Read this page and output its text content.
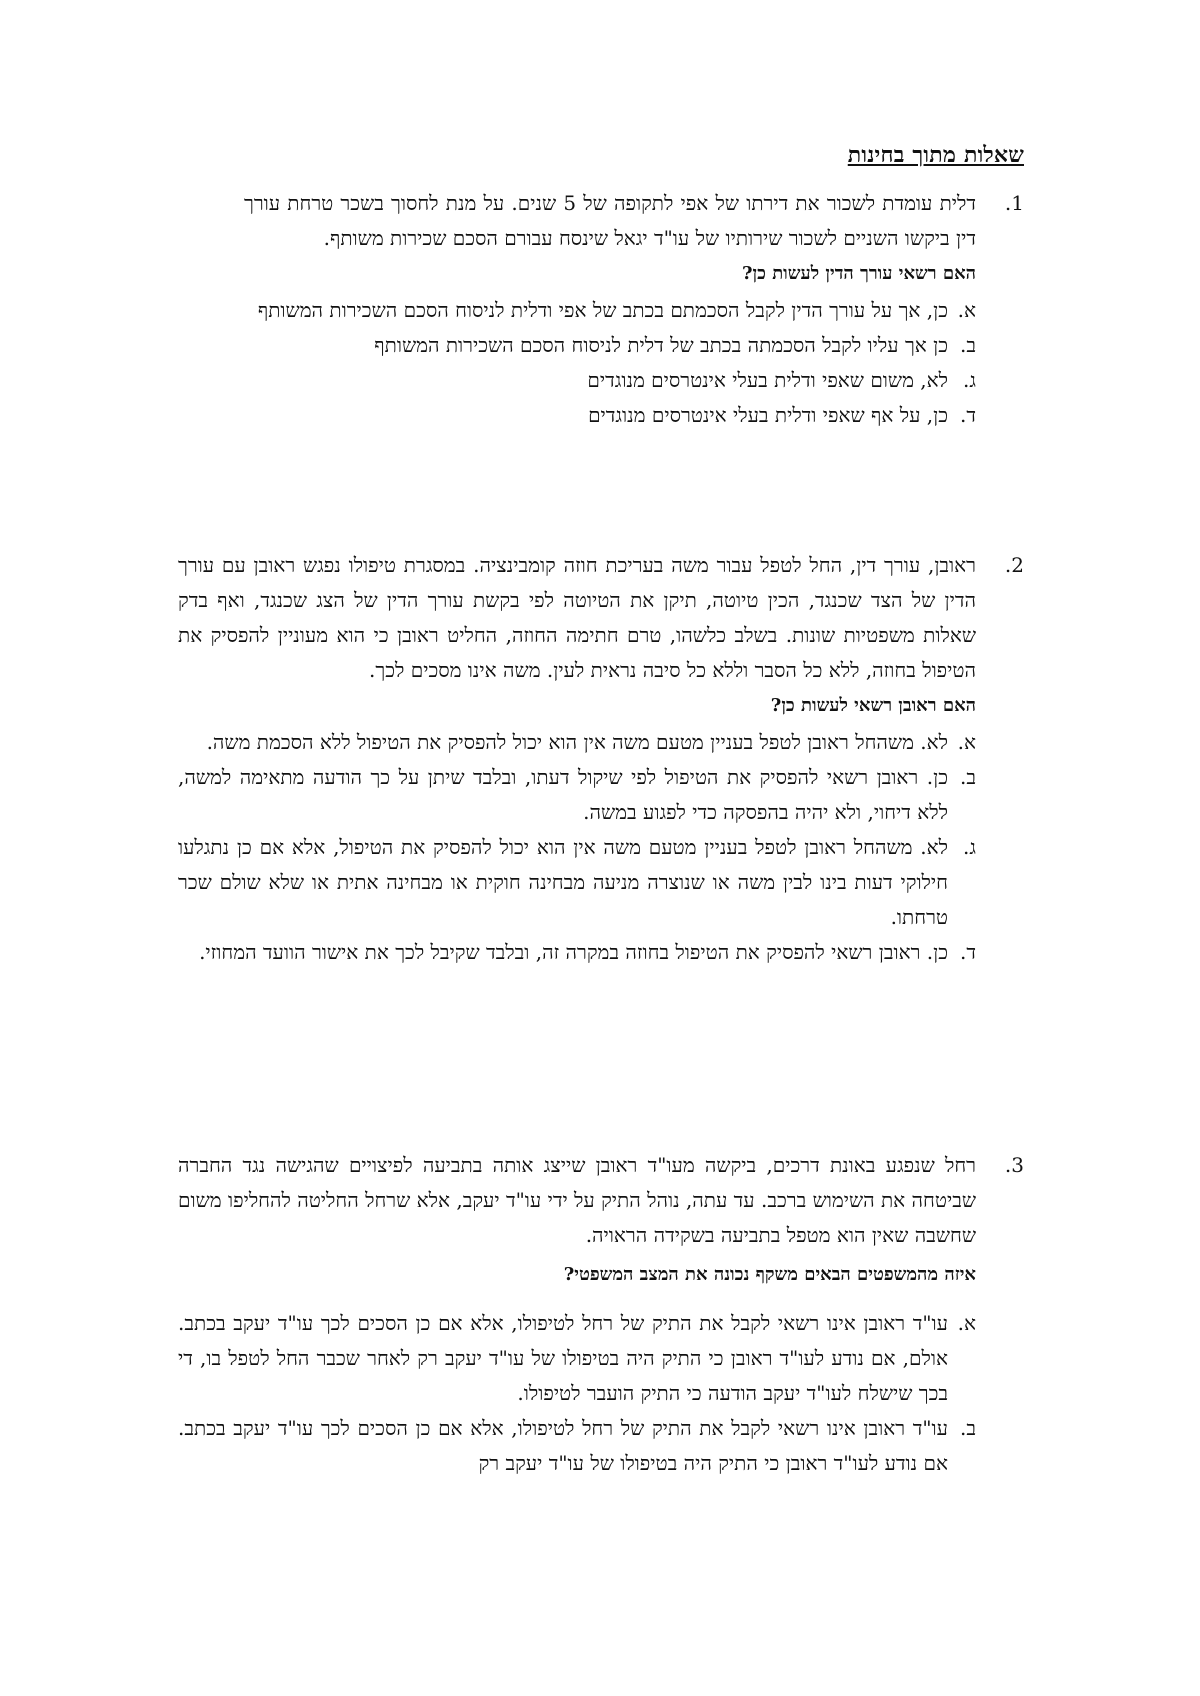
שאלות מתוך בחינות
1.
דלית עומדת לשכור את דירתו של אפי לתקופה של 5 שנים. על מנת לחסוך בשכר טרחת עורך דין ביקשו השניים לשכור שירותיו של עו"ד יגאל שינסח עבורם הסכם שכירות משותף.
האם רשאי עורך הדין לעשות כן?
א.
כן, אך על עורך הדין לקבל הסכמתם בכתב של אפי ודלית לניסוח הסכם השכירות המשותף
ב.
כן אך עליו לקבל הסכמתה בכתב של דלית לניסוח הסכם השכירות המשותף
ג.
לא, משום שאפי ודלית בעלי אינטרסים מנוגדים
ד.
כן, על אף שאפי ודלית בעלי אינטרסים מנוגדים
2.
ראובן, עורך דין, החל לטפל עבור משה בעריכת חוזה קומבינציה. במסגרת טיפולו נפגש ראובן עם עורך הדין של הצד שכנגד, הכין טיוטה, תיקן את הטיוטה לפי בקשת עורך הדין של הצג שכנגד, ואף בדק שאלות משפטיות שונות. בשלב כלשהו, טרם חתימה החוזה, החליט ראובן כי הוא מעוניין להפסיק את הטיפול בחוזה, ללא כל הסבר וללא כל סיבה נראית לעין. משה אינו מסכים לכך.
האם ראובן רשאי לעשות כן?
א.
לא. משהחל ראובן לטפל בעניין מטעם משה אין הוא יכול להפסיק את הטיפול ללא הסכמת משה.
ב.
כן. ראובן רשאי להפסיק את הטיפול לפי שיקול דעתו, ובלבד שיתן על כך הודעה מתאימה למשה, ללא דיחוי, ולא יהיה בהפסקה כדי לפגוע במשה.
ג.
לא. משהחל ראובן לטפל בעניין מטעם משה אין הוא יכול להפסיק את הטיפול, אלא אם כן נתגלעו חילוקי דעות בינו לבין משה או שנוצרה מניעה מבחינה חוקית או מבחינה אתית או שלא שולם שכר טרחתו.
ד.
כן. ראובן רשאי להפסיק את הטיפול בחוזה במקרה זה, ובלבד שקיבל לכך את אישור הוועד המחוזי.
3.
רחל שנפגע באונת דרכים, ביקשה מעו"ד ראובן שייצג אותה בתביעה לפיצויים שהגישה נגד החברה שביטחה את השימוש ברכב. עד עתה, נוהל התיק על ידי עו"ד יעקב, אלא שרחל החליטה להחליפו משום שחשבה שאין הוא מטפל בתביעה בשקידה הראויה.
איזה מהמשפטים הבאים משקף נכונה את המצב המשפטי?
א.
עו"ד ראובן אינו רשאי לקבל את התיק של רחל לטיפולו, אלא אם כן הסכים לכך עו"ד יעקב בכתב. אולם, אם נודע לעו"ד ראובן כי התיק היה בטיפולו של עו"ד יעקב רק לאחר שכבר החל לטפל בו, די בכך שישלח לעו"ד יעקב הודעה כי התיק הועבר לטיפולו.
ב.
עו"ד ראובן אינו רשאי לקבל את התיק של רחל לטיפולו, אלא אם כן הסכים לכך עו"ד יעקב בכתב. אם נודע לעו"ד ראובן כי התיק היה בטיפולו של עו"ד יעקב רק
